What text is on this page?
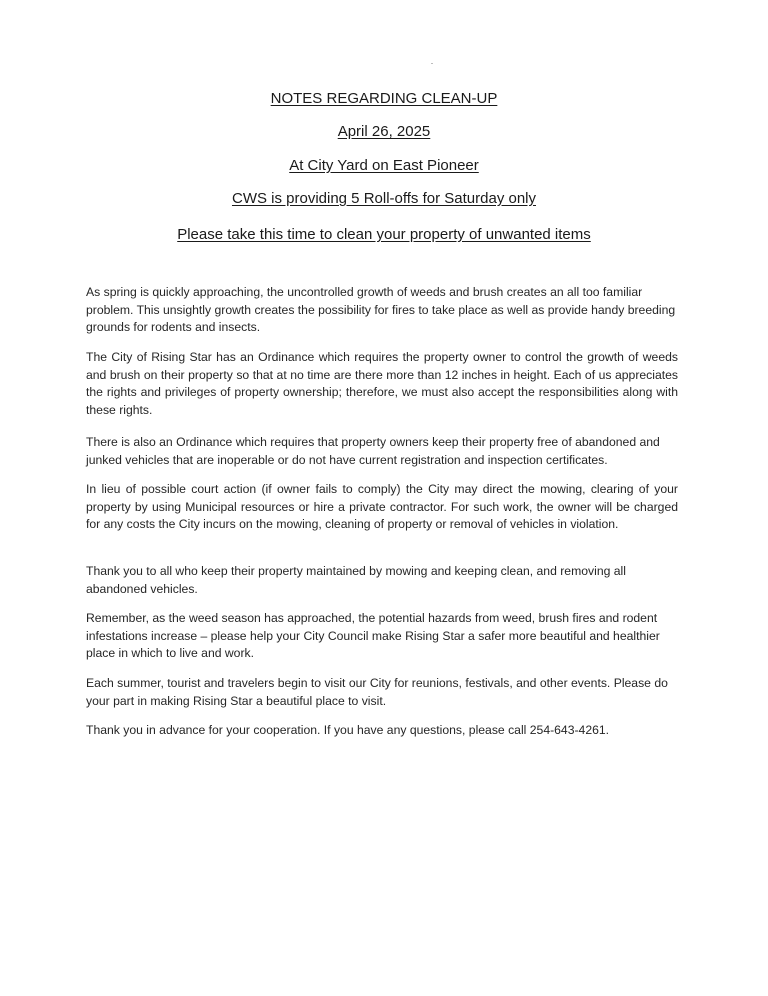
NOTES REGARDING CLEAN-UP

April 26, 2025

At City Yard on East Pioneer

CWS is providing 5 Roll-offs for Saturday only

Please take this time to clean your property of unwanted items

As spring is quickly approaching, the uncontrolled growth of weeds and brush creates an all too familiar problem. This unsightly growth creates the possibility for fires to take place as well as provide handy breeding grounds for rodents and insects.

The City of Rising Star has an Ordinance which requires the property owner to control the growth of weeds and brush on their property so that at no time are there more than 12 inches in height. Each of us appreciates the rights and privileges of property ownership; therefore, we must also accept the responsibilities along with these rights.

There is also an Ordinance which requires that property owners keep their property free of abandoned and junked vehicles that are inoperable or do not have current registration and inspection certificates.

In lieu of possible court action (if owner fails to comply) the City may direct the mowing, clearing of your property by using Municipal resources or hire a private contractor. For such work, the owner will be charged for any costs the City incurs on the mowing, cleaning of property or removal of vehicles in violation.

Thank you to all who keep their property maintained by mowing and keeping clean, and removing all abandoned vehicles.

Remember, as the weed season has approached, the potential hazards from weed, brush fires and rodent infestations increase – please help your City Council make Rising Star a safer more beautiful and healthier place in which to live and work.

Each summer, tourist and travelers begin to visit our City for reunions, festivals, and other events. Please do your part in making Rising Star a beautiful place to visit.

Thank you in advance for your cooperation. If you have any questions, please call 254-643-4261.
